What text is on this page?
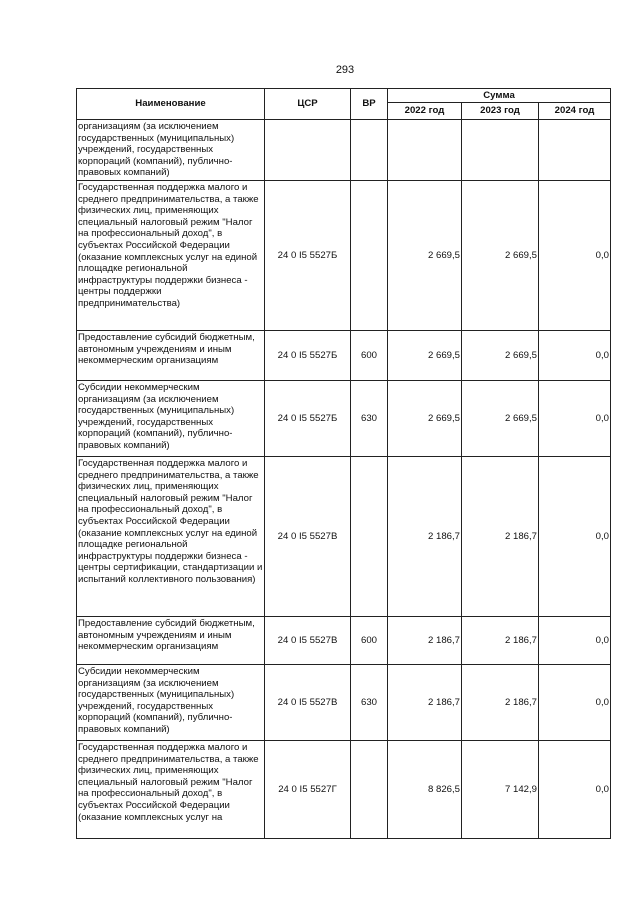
293
Наименование	ЦСР	ВР	Сумма		
			2022 год	2023 год	2024 год
организациям (за исключением государственных (муниципальных) учреждений, государственных корпораций (компаний), публично-правовых компаний)					
Государственная поддержка малого и среднего предпринимательства, а также физических лиц, применяющих специальный налоговый режим "Налог на профессиональный доход", в субъектах Российской Федерации (оказание комплексных услуг на единой площадке региональной инфраструктуры поддержки бизнеса - центры поддержки предпринимательства)	24 0 I5 5527Б		2 669,5	2 669,5	0,0
Предоставление субсидий бюджетным, автономным учреждениям и иным некоммерческим организациям	24 0 I5 5527Б	600	2 669,5	2 669,5	0,0
Субсидии некоммерческим организациям (за исключением государственных (муниципальных) учреждений, государственных корпораций (компаний), публично-правовых компаний)	24 0 I5 5527Б	630	2 669,5	2 669,5	0,0
Государственная поддержка малого и среднего предпринимательства, а также физических лиц, применяющих специальный налоговый режим "Налог на профессиональный доход", в субъектах Российской Федерации (оказание комплексных услуг на единой площадке региональной инфраструктуры поддержки бизнеса - центры сертификации, стандартизации и испытаний коллективного пользования)	24 0 I5 5527В		2 186,7	2 186,7	0,0
Предоставление субсидий бюджетным, автономным учреждениям и иным некоммерческим организациям	24 0 I5 5527В	600	2 186,7	2 186,7	0,0
Субсидии некоммерческим организациям (за исключением государственных (муниципальных) учреждений, государственных корпораций (компаний), публично-правовых компаний)	24 0 I5 5527В	630	2 186,7	2 186,7	0,0
Государственная поддержка малого и среднего предпринимательства, а также физических лиц, применяющих специальный налоговый режим "Налог на профессиональный доход", в субъектах Российской Федерации (оказание комплексных услуг на	24 0 I5 5527Г		8 826,5	7 142,9	0,0
